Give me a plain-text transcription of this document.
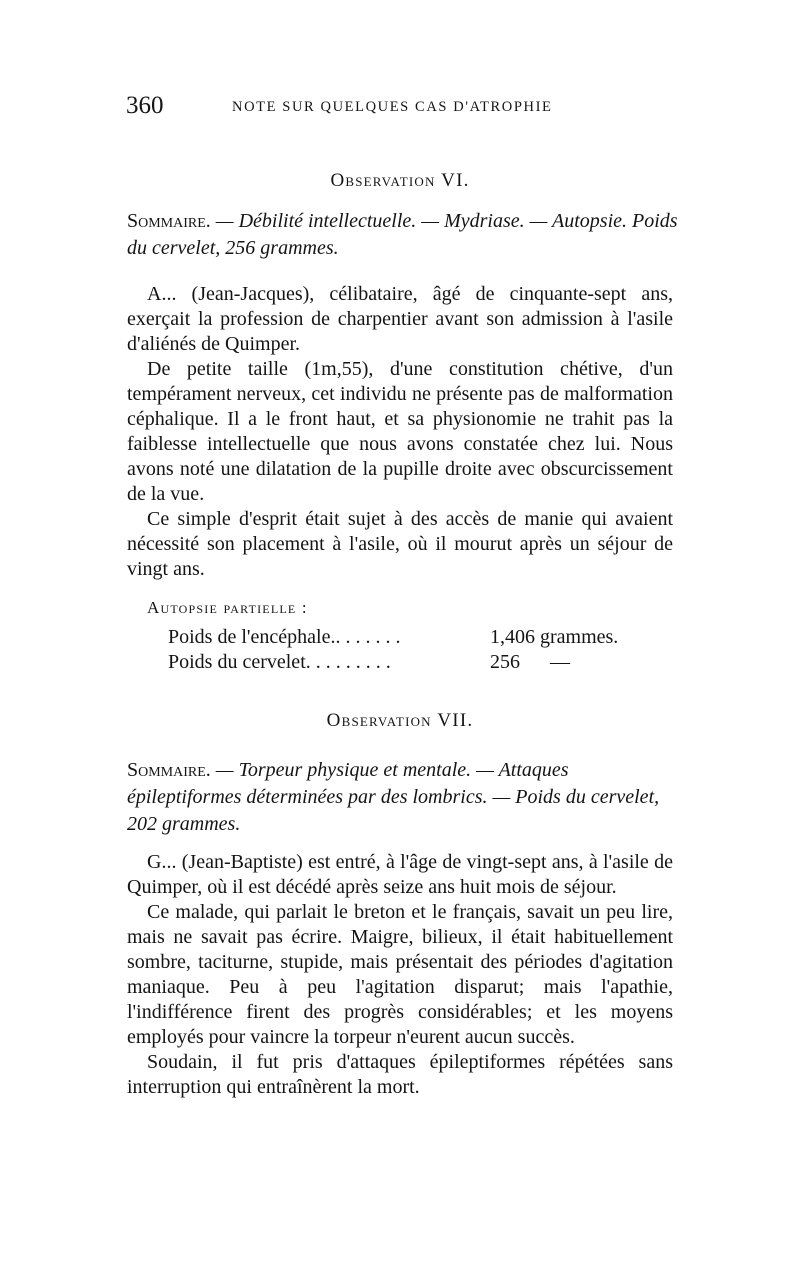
360	NOTE SUR QUELQUES CAS D'ATROPHIE
Observation VI.
Sommaire. — Débilité intellectuelle. — Mydriase. — Autopsie. Poids du cervelet, 256 grammes.

A... (Jean-Jacques), célibataire, âgé de cinquante-sept ans, exerçait la profession de charpentier avant son admission à l'asile d'aliénés de Quimper.

De petite taille (1m,55), d'une constitution chétive, d'un tempérament nerveux, cet individu ne présente pas de malformation céphalique. Il a le front haut, et sa physionomie ne trahit pas la faiblesse intellectuelle que nous avons constatée chez lui. Nous avons noté une dilatation de la pupille droite avec obscurcissement de la vue.

Ce simple d'esprit était sujet à des accès de manie qui avaient nécessité son placement à l'asile, où il mourut après un séjour de vingt ans.

Autopsie partielle :
Poids de l'encéphale.. . . . . . .	1,406 grammes.
Poids du cervelet. . . . . . . . .	256      —
Observation VII.
Sommaire. — Torpeur physique et mentale. — Attaques épileptiformes déterminées par des lombrics. — Poids du cervelet, 202 grammes.

G... (Jean-Baptiste) est entré, à l'âge de vingt-sept ans, à l'asile de Quimper, où il est décédé après seize ans huit mois de séjour.

Ce malade, qui parlait le breton et le français, savait un peu lire, mais ne savait pas écrire. Maigre, bilieux, il était habituellement sombre, taciturne, stupide, mais présentait des périodes d'agitation maniaque. Peu à peu l'agitation disparut; mais l'apathie, l'indifférence firent des progrès considérables; et les moyens employés pour vaincre la torpeur n'eurent aucun succès.

Soudain, il fut pris d'attaques épileptiformes répétées sans interruption qui entraînèrent la mort.
